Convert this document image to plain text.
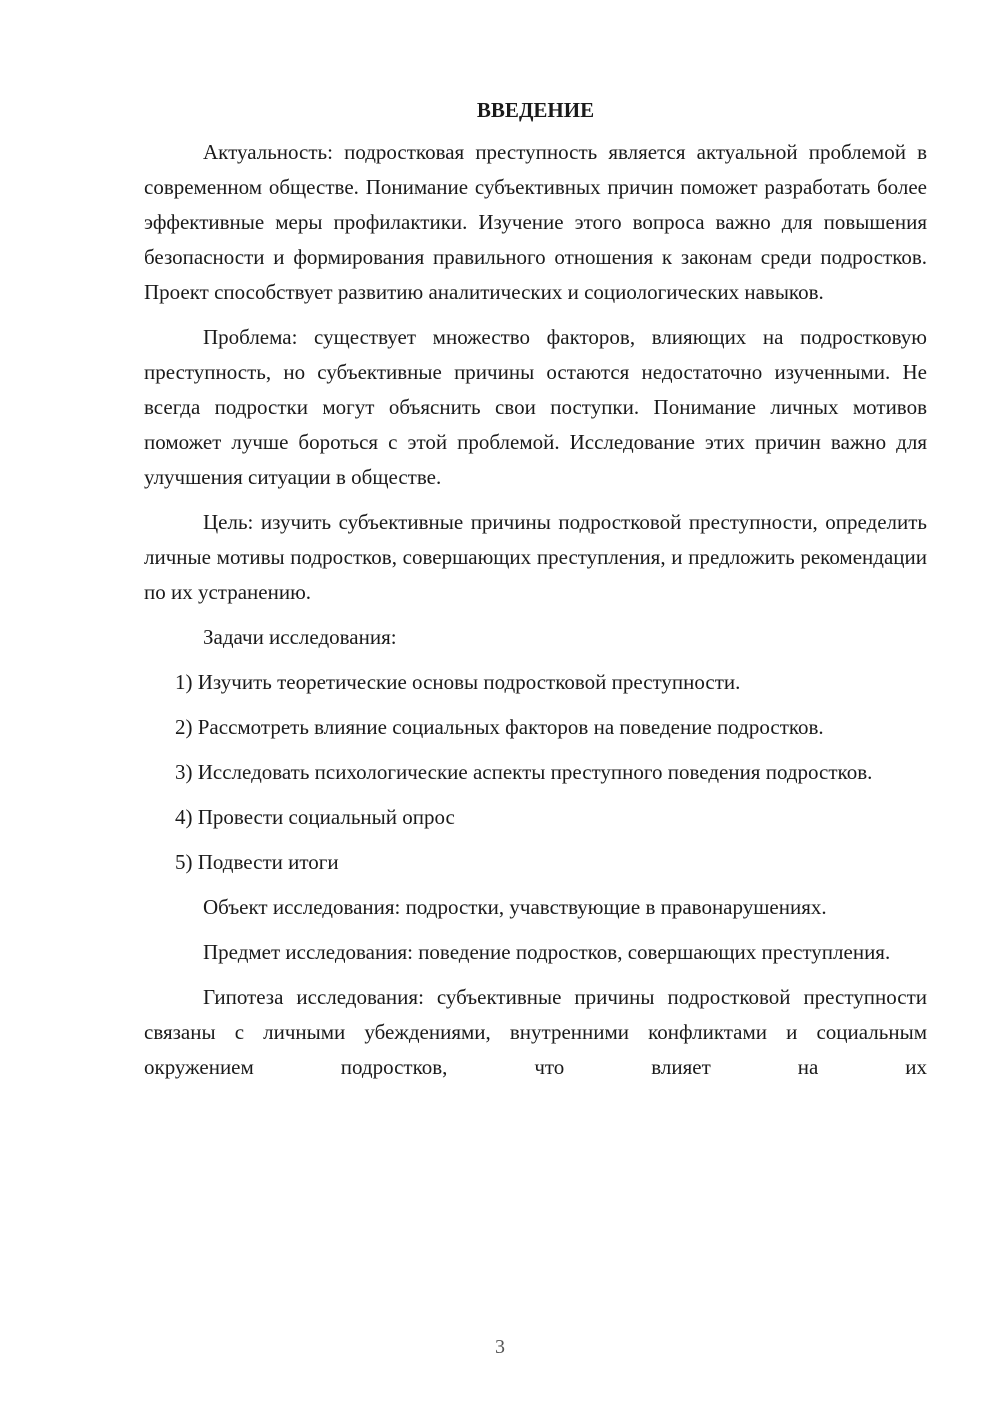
ВВЕДЕНИЕ

Актуальность: подростковая преступность является актуальной проблемой в современном обществе. Понимание субъективных причин поможет разработать более эффективные меры профилактики. Изучение этого вопроса важно для повышения безопасности и формирования правильного отношения к законам среди подростков. Проект способствует развитию аналитических и социологических навыков.

Проблема: существует множество факторов, влияющих на подростковую преступность, но субъективные причины остаются недостаточно изученными. Не всегда подростки могут объяснить свои поступки. Понимание личных мотивов поможет лучше бороться с этой проблемой. Исследование этих причин важно для улучшения ситуации в обществе.

Цель: изучить субъективные причины подростковой преступности, определить личные мотивы подростков, совершающих преступления, и предложить рекомендации по их устранению.

Задачи исследования:

1) Изучить теоретические основы подростковой преступности.

2) Рассмотреть влияние социальных факторов на поведение подростков.

3) Исследовать психологические аспекты преступного поведения подростков.

4) Провести социальный опрос

5) Подвести итоги

Объект исследования: подростки, учавствующие в правонарушениях.

Предмет исследования: поведение подростков, совершающих преступления.

Гипотеза исследования: субъективные причины подростковой преступности связаны с личными убеждениями, внутренними конфликтами и социальным окружением подростков, что влияет на их

3
